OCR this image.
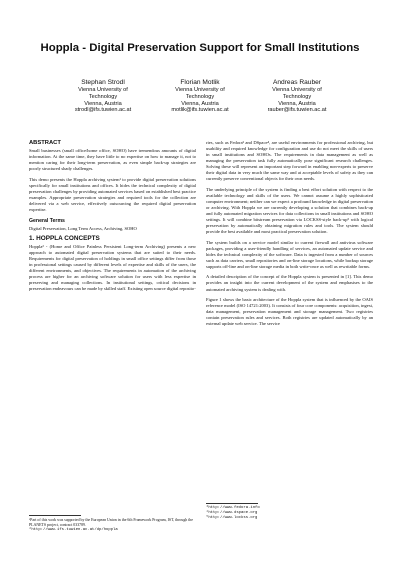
Hoppla - Digital Preservation Support for Small Institutions
Stephan Strodl
Vienna University of
Technology
Vienna, Austria
strodl@ifs.tuwien.ac.at
Florian Motlik
Vienna University of
Technology
Vienna, Austria
motlik@ifs.tuwien.ac.at
Andreas Rauber
Vienna University of
Technology
Vienna, Austria
rauber@ifs.tuwien.ac.at
ABSTRACT

Small businesses (small office/home office, SOHO) have tremendous amounts of digital information. At the same time, they have little to no expertise on how to manage it, not to mention caring for their long-term preservation, as even simple back-up strategies are poorly structured shady challenges.

This demo presents the Hoppla archiving system¹ to provide digital preservation solutions specifically for small institutions and offices. It hides the technical complexity of digital preservation challenges by providing automated services based on established best practice examples. Appropriate preservation strategies and required tools for the collection are delivered via a web service, effectively outsourcing the required digital preservation expertise.

General Terms

Digital Preservation, Long Term Access, Archiving, SOHO

1. HOPPLA CONCEPTS

Hoppla² - (Home and Office Painless Persistent Long-term Archiving) presents a new approach to automated digital preservation systems that are suited to their needs. Requirements for digital preservation of holdings in small office settings differ from those in professional settings caused by different levels of expertise and skills of the users, the different environments, and objectives. The requirements in automation of the archiving process are higher for an archiving software solution for users with less expertise in preserving and managing collections. In institutional settings, critical decisions in preservation endeavours can be made by skilled staff. Existing open source digital reposito-

¹Part of this work was supported by the European Union in the 6th Framework Program, IST, through the PLANETS project, contract 033789.

²http://www.ifs.tuwien.ac.at/dp/hoppla

ries, such as Fedora³ and DSpace⁴, are useful environments for professional archiving, but usability and required knowledge for configuration and use do not meet the skills of users in small institutions and SOHOs. The requirements in data management as well as managing the preservation task fully automatically pose significant research challenges. Solving these will represent an important step forward in enabling non-experts to preserve their digital data in very much the same way and at acceptable levels of safety as they can currently preserve conventional objects for their own needs.

The underlying principle of the system is finding a best effort solution with respect to the available technology and skills of the users. We cannot assume a highly sophisticated computer environment; neither can we expect a profound knowledge in digital preservation or archiving. With Hoppla we are currently developing a solution that combines back-up and fully automated migration services for data collections in small institutions and SOHO settings. It will combine bitstream preservation via LOCKSS-style back-up⁵ with logical preservation by automatically obtaining migration rules and tools. The system should provide the best available and most practical preservation solution.

The system builds on a service model similar to current firewall and antivirus software packages, providing a user-friendly handling of services, an automated update service and hides the technical complexity of the software. Data is ingested from a number of sources such as data carriers, small repositories and on-line storage locations, while backup storage supports off-line and on-line storage media in both write-once as well as rewritable forms.

A detailed description of the concept of the Hoppla system is presented in [1]. This demo provides an insight into the current development of the system and emphasises to the automated archiving system is dealing with.

Figure 1 shows the basic architecture of the Hoppla system that is influenced by the OAIS reference model (ISO 14721:2003). It consists of four core components: acquisition, ingest, data management, preservation management and storage management. Two registries contain preservation rules and services. Both registries are updated automatically by an external update web service. The service

³http://www.fedora.info

⁴http://www.dspace.org

⁵http://www.lockss.org
